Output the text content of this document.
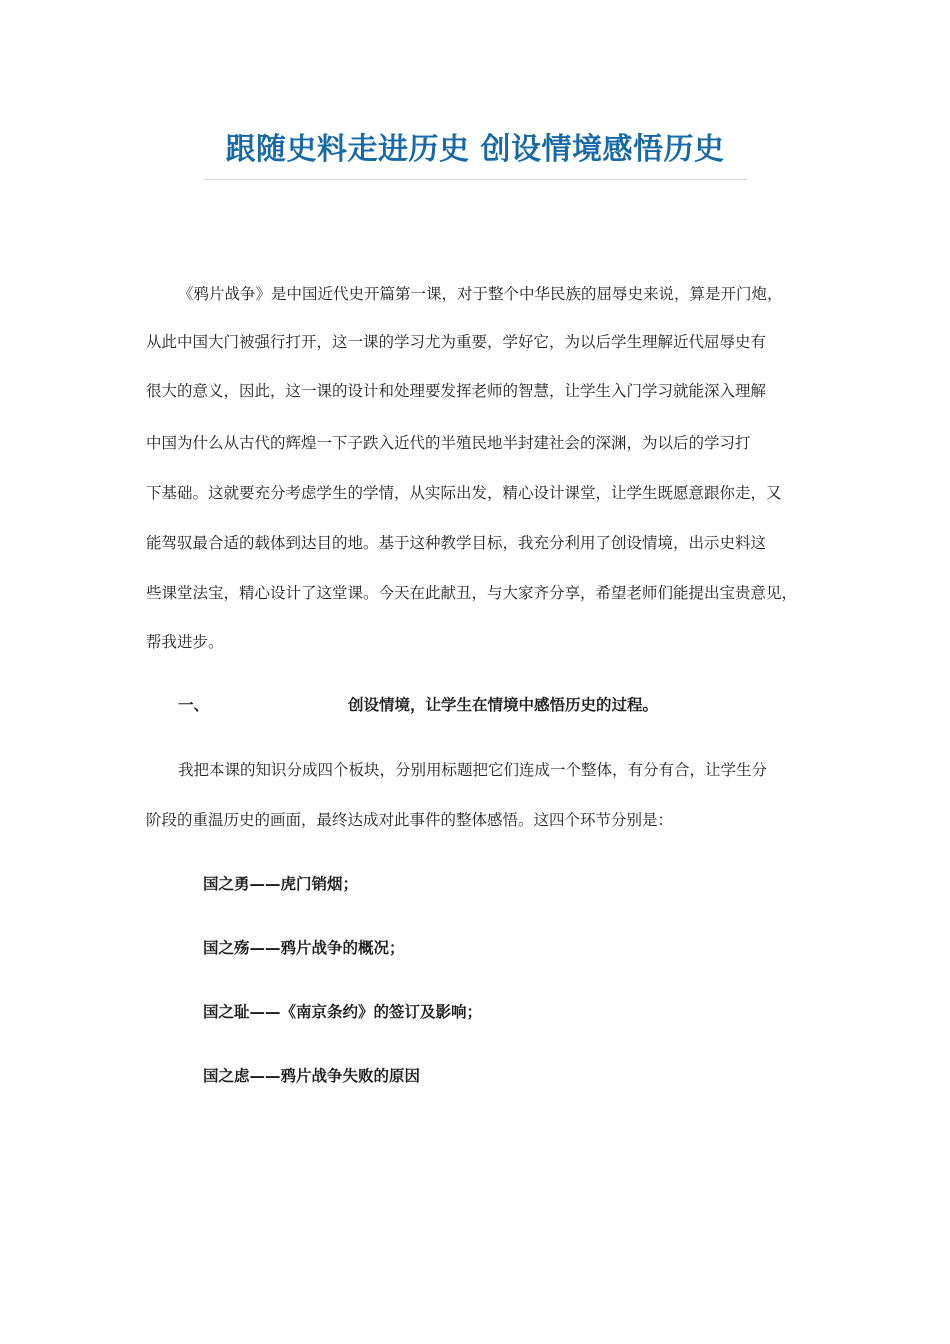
跟随史料走进历史 创设情境感悟历史
《鸦片战争》是中国近代史开篇第一课，对于整个中华民族的屈辱史来说，算是开门炮，
从此中国大门被强行打开，这一课的学习尤为重要，学好它，为以后学生理解近代屈辱史有
很大的意义，因此，这一课的设计和处理要发挥老师的智慧，让学生入门学习就能深入理解
中国为什么从古代的辉煌一下子跌入近代的半殖民地半封建社会的深渊，为以后的学习打
下基础。这就要充分考虑学生的学情，从实际出发，精心设计课堂，让学生既愿意跟你走，又
能驾驭最合适的载体到达目的地。基于这种教学目标，我充分利用了创设情境，出示史料这
些课堂法宝，精心设计了这堂课。今天在此献丑，与大家齐分享，希望老师们能提出宝贵意见，
帮我进步。
一、	创设情境，让学生在情境中感悟历史的过程。
我把本课的知识分成四个板块，分别用标题把它们连成一个整体，有分有合，让学生分
阶段的重温历史的画面，最终达成对此事件的整体感悟。这四个环节分别是：
国之勇——虎门销烟；
国之殇——鸦片战争的概况；
国之耻——《南京条约》的签订及影响；
国之虑——鸦片战争失败的原因
